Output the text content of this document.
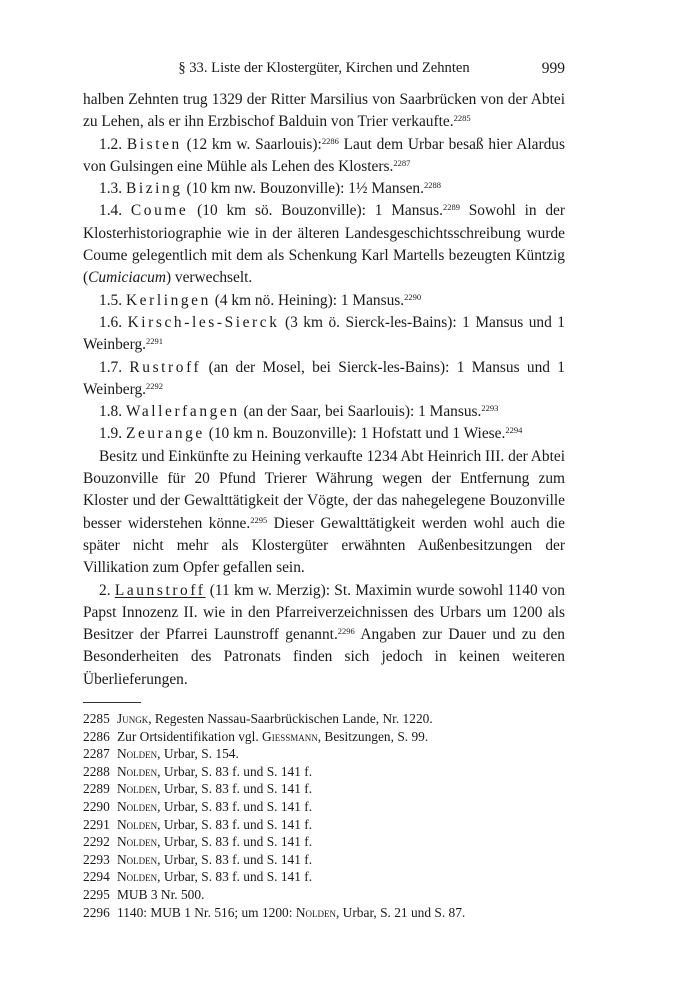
§ 33. Liste der Klostergüter, Kirchen und Zehnten	999

halben Zehnten trug 1329 der Ritter Marsilius von Saarbrücken von der Abtei zu Lehen, als er ihn Erzbischof Balduin von Trier verkaufte.$^{2285}$

1.2. Bisten (12 km w. Saarlouis):$^{2286}$ Laut dem Urbar besaß hier Alardus von Gulsingen eine Mühle als Lehen des Klosters.$^{2287}$

1.3. Bizing (10 km nw. Bouzonville): 1½ Mansen.$^{2288}$

1.4. Coume (10 km sö. Bouzonville): 1 Mansus.$^{2289}$ Sowohl in der Klosterhistoriographie wie in der älteren Landesgeschichtsschreibung wurde Coume gelegentlich mit dem als Schenkung Karl Martells bezeugten Küntzig (Cumiciacum) verwechselt.

1.5. Kerlingen (4 km nö. Heining): 1 Mansus.$^{2290}$

1.6. Kirsch-les-Sierck (3 km ö. Sierck-les-Bains): 1 Mansus und 1 Weinberg.$^{2291}$

1.7. Rustroff (an der Mosel, bei Sierck-les-Bains): 1 Mansus und 1 Weinberg.$^{2292}$

1.8. Wallerfangen (an der Saar, bei Saarlouis): 1 Mansus.$^{2293}$

1.9. Zeurange (10 km n. Bouzonville): 1 Hofstatt und 1 Wiese.$^{2294}$

Besitz und Einkünfte zu Heining verkaufte 1234 Abt Heinrich III. der Abtei Bouzonville für 20 Pfund Trierer Währung wegen der Entfernung zum Kloster und der Gewalttätigkeit der Vögte, der das nahegelegene Bouzonville besser widerstehen könne.$^{2295}$ Dieser Gewalttätigkeit werden wohl auch die später nicht mehr als Klostergüter erwähnten Außenbesitzungen der Villikation zum Opfer gefallen sein.

2. Launstroff (11 km w. Merzig): St. Maximin wurde sowohl 1140 von Papst Innozenz II. wie in den Pfarreiverzeichnissen des Urbars um 1200 als Besitzer der Pfarrei Launstroff genannt.$^{2296}$ Angaben zur Dauer und zu den Besonderheiten des Patronats finden sich jedoch in keinen weiteren Überlieferungen.

2285 Jungk, Regesten Nassau-Saarbrückischen Lande, Nr. 1220.
2286 Zur Ortsidentifikation vgl. Giessmann, Besitzungen, S. 99.
2287 Nolden, Urbar, S. 154.
2288 Nolden, Urbar, S. 83 f. und S. 141 f.
2289 Nolden, Urbar, S. 83 f. und S. 141 f.
2290 Nolden, Urbar, S. 83 f. und S. 141 f.
2291 Nolden, Urbar, S. 83 f. und S. 141 f.
2292 Nolden, Urbar, S. 83 f. und S. 141 f.
2293 Nolden, Urbar, S. 83 f. und S. 141 f.
2294 Nolden, Urbar, S. 83 f. und S. 141 f.
2295 MUB 3 Nr. 500.
2296 1140: MUB 1 Nr. 516; um 1200: Nolden, Urbar, S. 21 und S. 87.
